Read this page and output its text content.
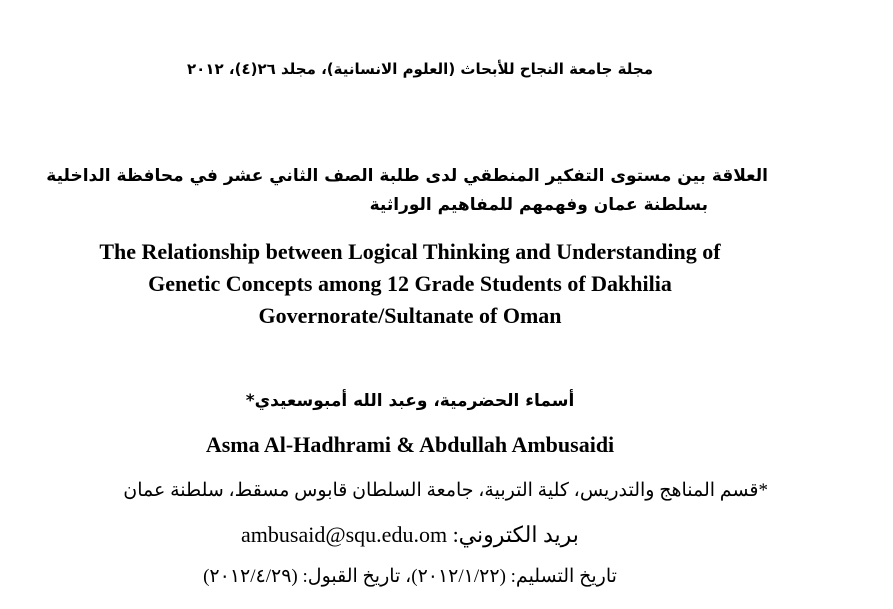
مجلة جامعة النجاح للأبحاث (العلوم الانسانية)، مجلد ٢٦(٤)، ٢٠١٢
العلاقة بين مستوى التفكير المنطقي لدى طلبة الصف الثاني عشر في محافظة الداخلية
بسلطنة عمان وفهمهم للمفاهيم الوراثية
The Relationship between Logical Thinking and Understanding of
Genetic Concepts among 12 Grade Students of Dakhilia
Governorate/Sultanate of Oman
أسماء الحضرمية، وعبد الله أمبوسعيدي*
Asma Al-Hadhrami & Abdullah Ambusaidi
*قسم المناهج والتدريس، كلية التربية، جامعة السلطان قابوس مسقط، سلطنة عمان
بريد الكتروني: ambusaid@squ.edu.om
تاريخ التسليم: (٢٠١٢/١/٢٢)، تاريخ القبول: (٢٠١٢/٤/٢٩)
